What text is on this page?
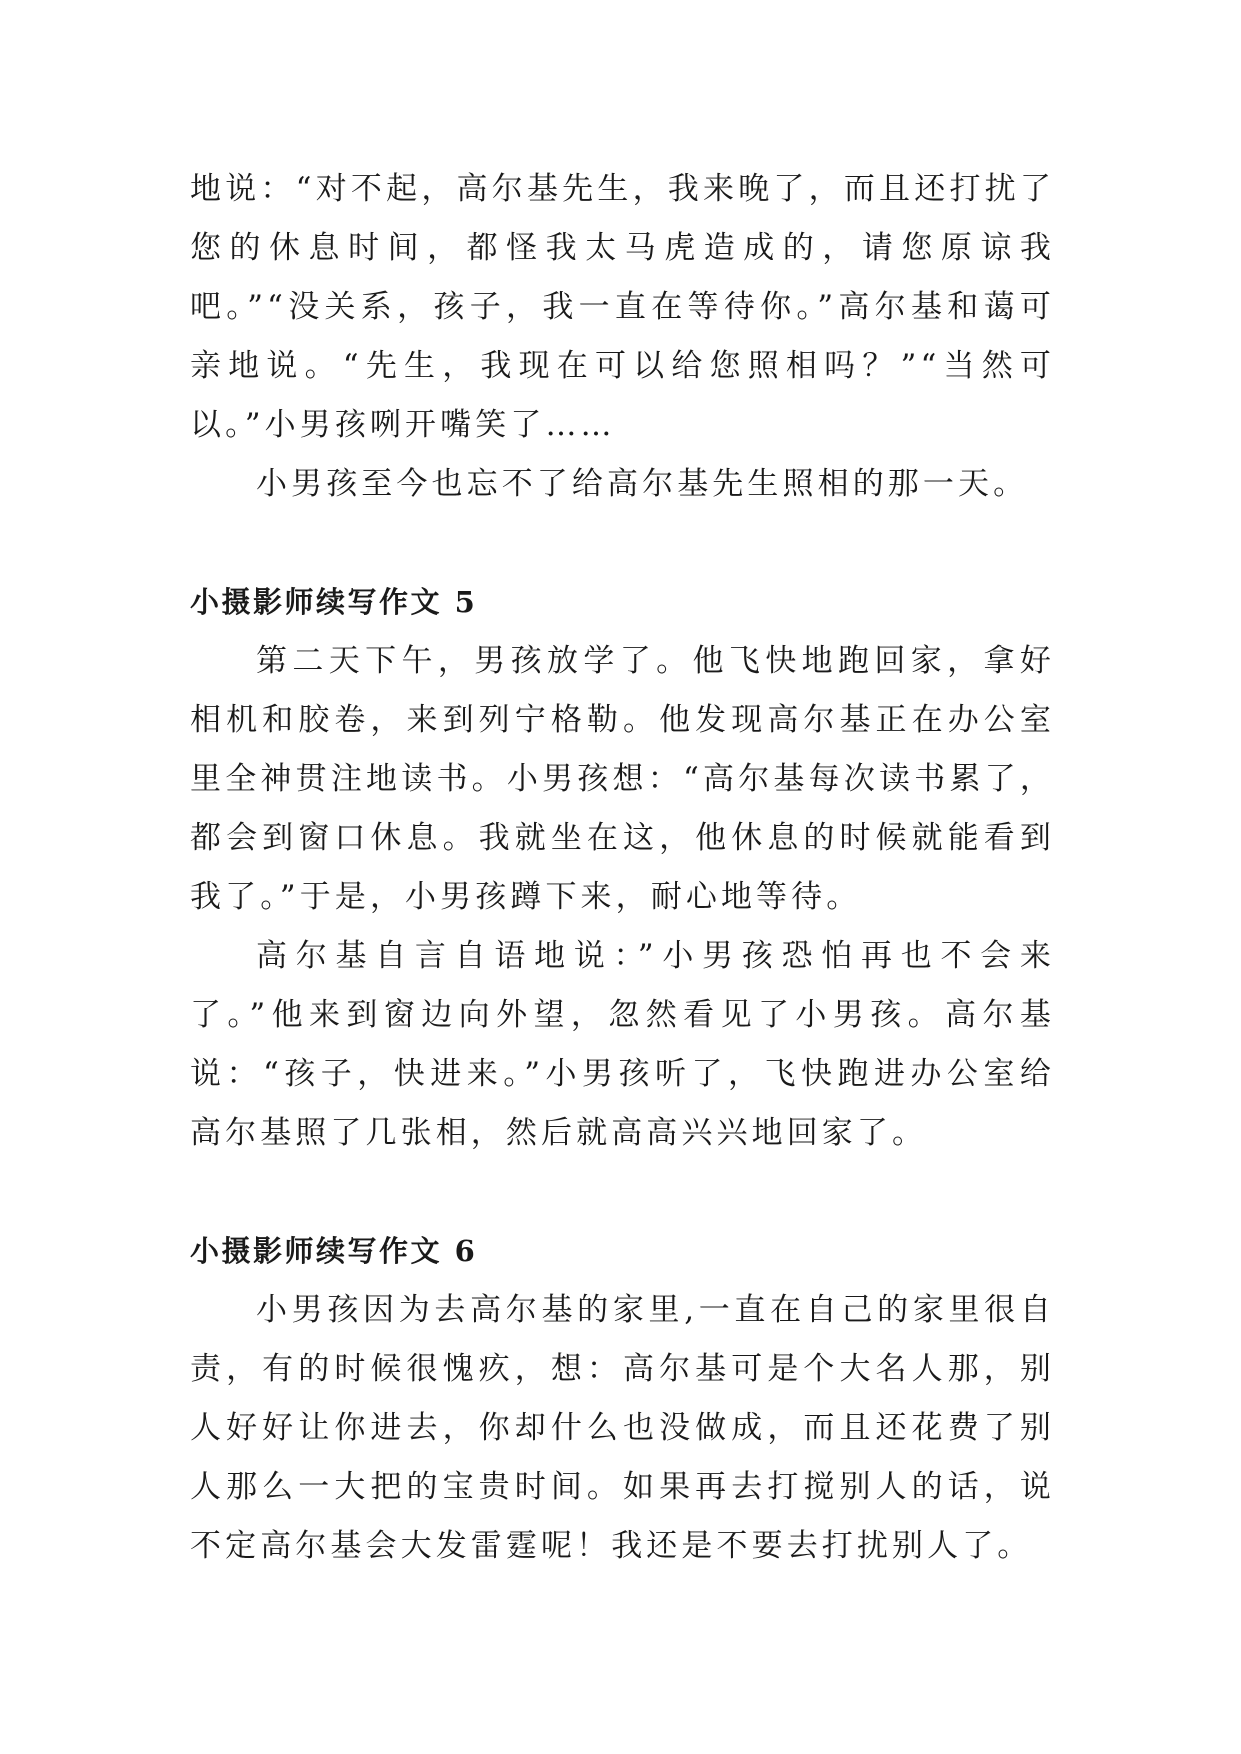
地说：“对不起，高尔基先生，我来晚了，而且还打扰了您的休息时间，都怪我太马虎造成的，请您原谅我吧。”“没关系，孩子，我一直在等待你。”高尔基和蔼可亲地说。“先生，我现在可以给您照相吗？”“当然可以。”小男孩咧开嘴笑了……

小男孩至今也忘不了给高尔基先生照相的那一天。

小摄影师续写作文 5

第二天下午，男孩放学了。他飞快地跑回家，拿好相机和胶卷，来到列宁格勒。他发现高尔基正在办公室里全神贯注地读书。小男孩想：“高尔基每次读书累了，都会到窗口休息。我就坐在这，他休息的时候就能看到我了。”于是，小男孩蹲下来，耐心地等待。

高尔基自言自语地说：”小男孩恐怕再也不会来了。”他来到窗边向外望，忽然看见了小男孩。高尔基说：“孩子，快进来。”小男孩听了，飞快跑进办公室给高尔基照了几张相，然后就高高兴兴地回家了。

小摄影师续写作文 6

小男孩因为去高尔基的家里,一直在自己的家里很自责，有的时候很愧疚，想：高尔基可是个大名人那，别人好好让你进去，你却什么也没做成，而且还花费了别人那么一大把的宝贵时间。如果再去打搅别人的话，说不定高尔基会大发雷霆呢！我还是不要去打扰别人了。
